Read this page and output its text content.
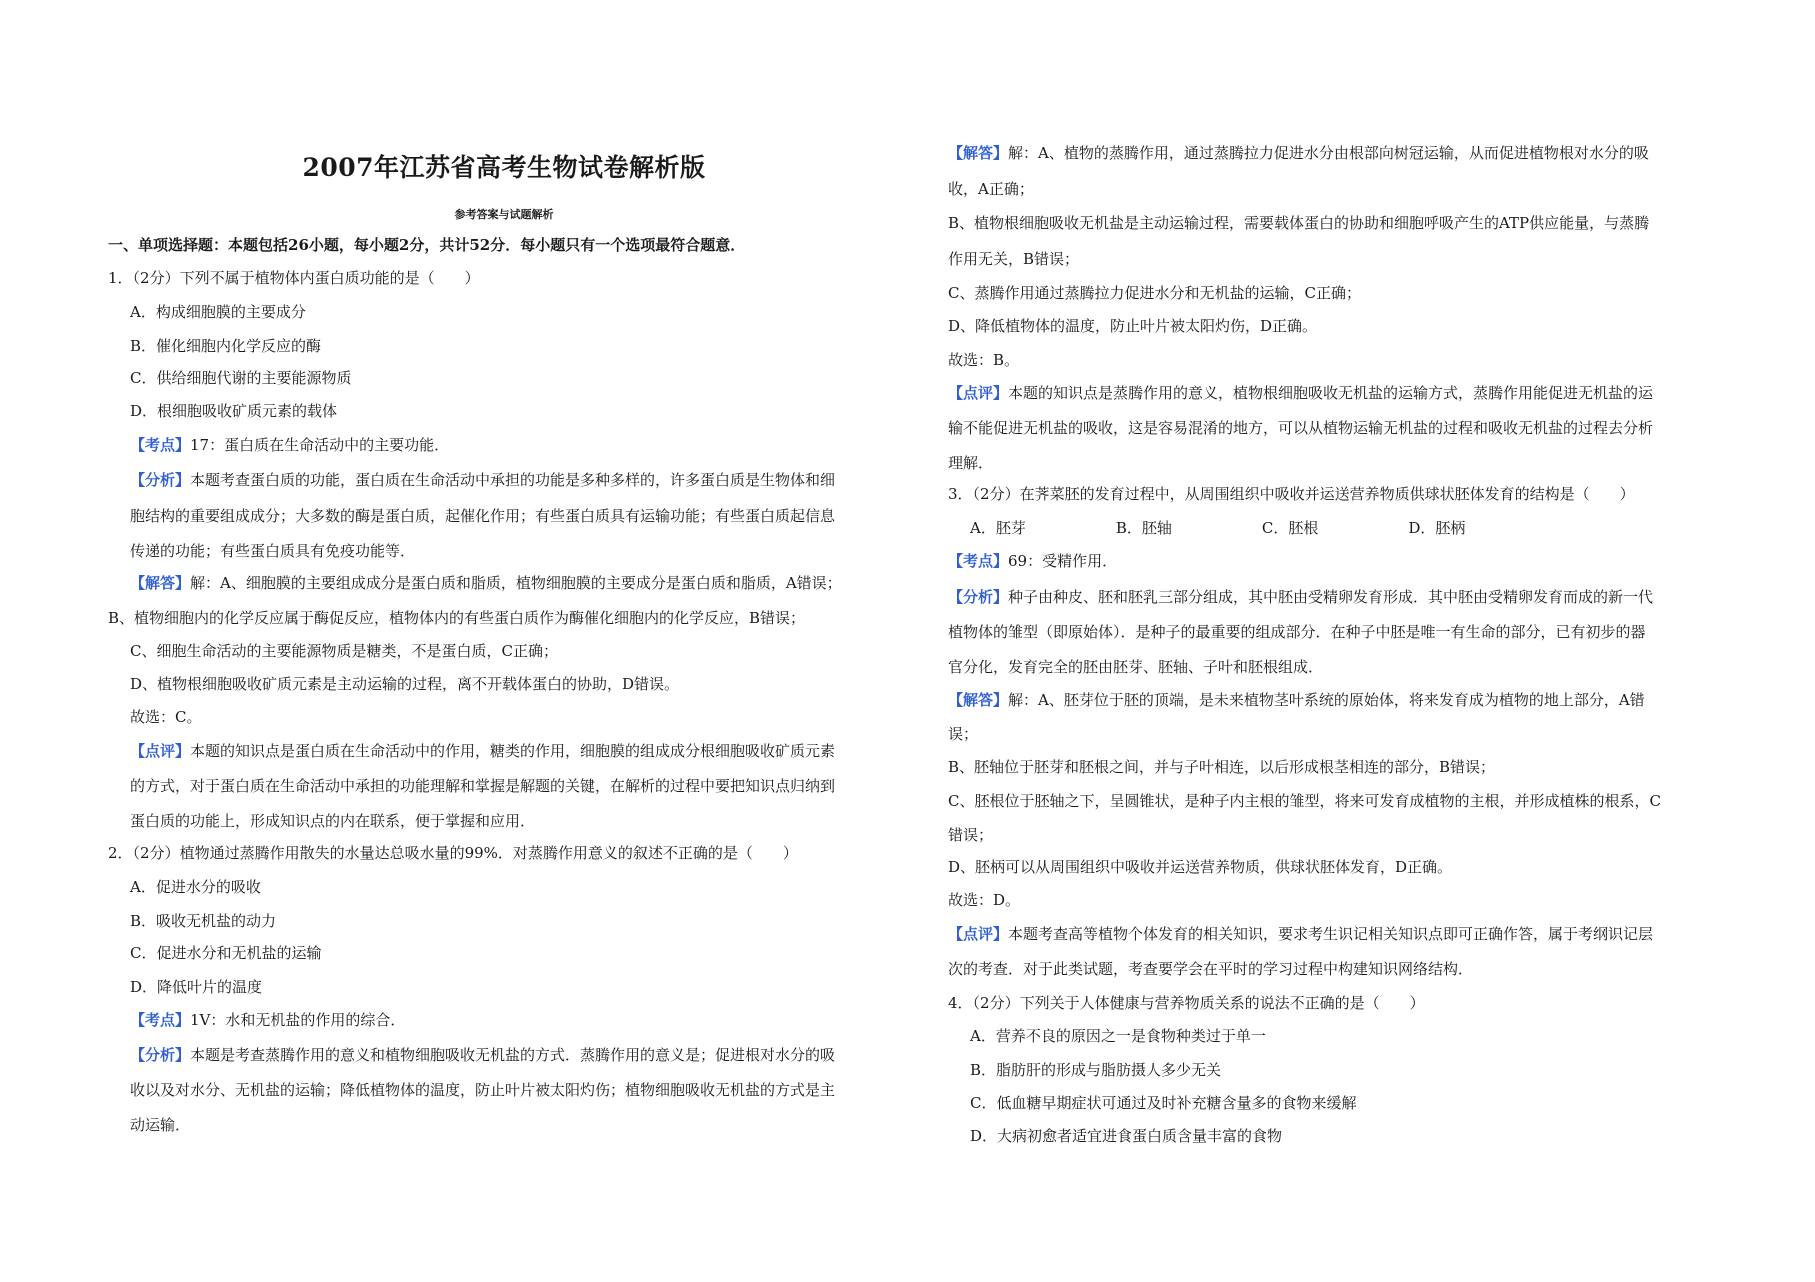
2007年江苏省高考生物试卷解析版
参考答案与试题解析
一、单项选择题：本题包括26小题，每小题2分，共计52分．每小题只有一个选项最符合题意．
1．（2分）下列不属于植物体内蛋白质功能的是（　　）
A．构成细胞膜的主要成分
B．催化细胞内化学反应的酶
C．供给细胞代谢的主要能源物质
D．根细胞吸收矿质元素的载体
【考点】17：蛋白质在生命活动中的主要功能．
【分析】本题考查蛋白质的功能，蛋白质在生命活动中承担的功能是多种多样的，许多蛋白质是生物体和细
胞结构的重要组成成分；大多数的酶是蛋白质，起催化作用；有些蛋白质具有运输功能；有些蛋白质起信息
传递的功能；有些蛋白质具有免疫功能等．
【解答】解：A、细胞膜的主要组成成分是蛋白质和脂质，植物细胞膜的主要成分是蛋白质和脂质，A错误；
B、植物细胞内的化学反应属于酶促反应，植物体内的有些蛋白质作为酶催化细胞内的化学反应，B错误；
C、细胞生命活动的主要能源物质是糖类，不是蛋白质，C正确；
D、植物根细胞吸收矿质元素是主动运输的过程，离不开载体蛋白的协助，D错误。
故选：C。
【点评】本题的知识点是蛋白质在生命活动中的作用，糖类的作用，细胞膜的组成成分根细胞吸收矿质元素
的方式，对于蛋白质在生命活动中承担的功能理解和掌握是解题的关键，在解析的过程中要把知识点归纳到
蛋白质的功能上，形成知识点的内在联系，便于掌握和应用．
2．（2分）植物通过蒸腾作用散失的水量达总吸水量的99%．对蒸腾作用意义的叙述不正确的是（　　）
A．促进水分的吸收
B．吸收无机盐的动力
C．促进水分和无机盐的运输
D．降低叶片的温度
【考点】1V：水和无机盐的作用的综合．
【分析】本题是考查蒸腾作用的意义和植物细胞吸收无机盐的方式．蒸腾作用的意义是；促进根对水分的吸
收以及对水分、无机盐的运输；降低植物体的温度，防止叶片被太阳灼伤；植物细胞吸收无机盐的方式是主
动运输．
【解答】解：A、植物的蒸腾作用，通过蒸腾拉力促进水分由根部向树冠运输，从而促进植物根对水分的吸
收，A正确；
B、植物根细胞吸收无机盐是主动运输过程，需要载体蛋白的协助和细胞呼吸产生的ATP供应能量，与蒸腾
作用无关，B错误；
C、蒸腾作用通过蒸腾拉力促进水分和无机盐的运输，C正确；
D、降低植物体的温度，防止叶片被太阳灼伤，D正确。
故选：B。
【点评】本题的知识点是蒸腾作用的意义，植物根细胞吸收无机盐的运输方式，蒸腾作用能促进无机盐的运
输不能促进无机盐的吸收，这是容易混淆的地方，可以从植物运输无机盐的过程和吸收无机盐的过程去分析
理解．
3．（2分）在荠菜胚的发育过程中，从周围组织中吸收并运送营养物质供球状胚体发育的结构是（　　）
A．胚芽　　　　　　B．胚轴　　　　　　C．胚根　　　　　　D．胚柄
【考点】69：受精作用．
【分析】种子由种皮、胚和胚乳三部分组成，其中胚由受精卵发育形成．其中胚由受精卵发育而成的新一代
植物体的雏型（即原始体）．是种子的最重要的组成部分．在种子中胚是唯一有生命的部分，已有初步的器
官分化，发育完全的胚由胚芽、胚轴、子叶和胚根组成．
【解答】解：A、胚芽位于胚的顶端，是未来植物茎叶系统的原始体，将来发育成为植物的地上部分，A错
误；
B、胚轴位于胚芽和胚根之间，并与子叶相连，以后形成根茎相连的部分，B错误；
C、胚根位于胚轴之下，呈圆锥状，是种子内主根的雏型，将来可发育成植物的主根，并形成植株的根系，C
错误；
D、胚柄可以从周围组织中吸收并运送营养物质，供球状胚体发育，D正确。
故选：D。
【点评】本题考查高等植物个体发育的相关知识，要求考生识记相关知识点即可正确作答，属于考纲识记层
次的考查．对于此类试题，考查要学会在平时的学习过程中构建知识网络结构．
4．（2分）下列关于人体健康与营养物质关系的说法不正确的是（　　）
A．营养不良的原因之一是食物种类过于单一
B．脂肪肝的形成与脂肪摄人多少无关
C．低血糖早期症状可通过及时补充糖含量多的食物来缓解
D．大病初愈者适宜进食蛋白质含量丰富的食物
